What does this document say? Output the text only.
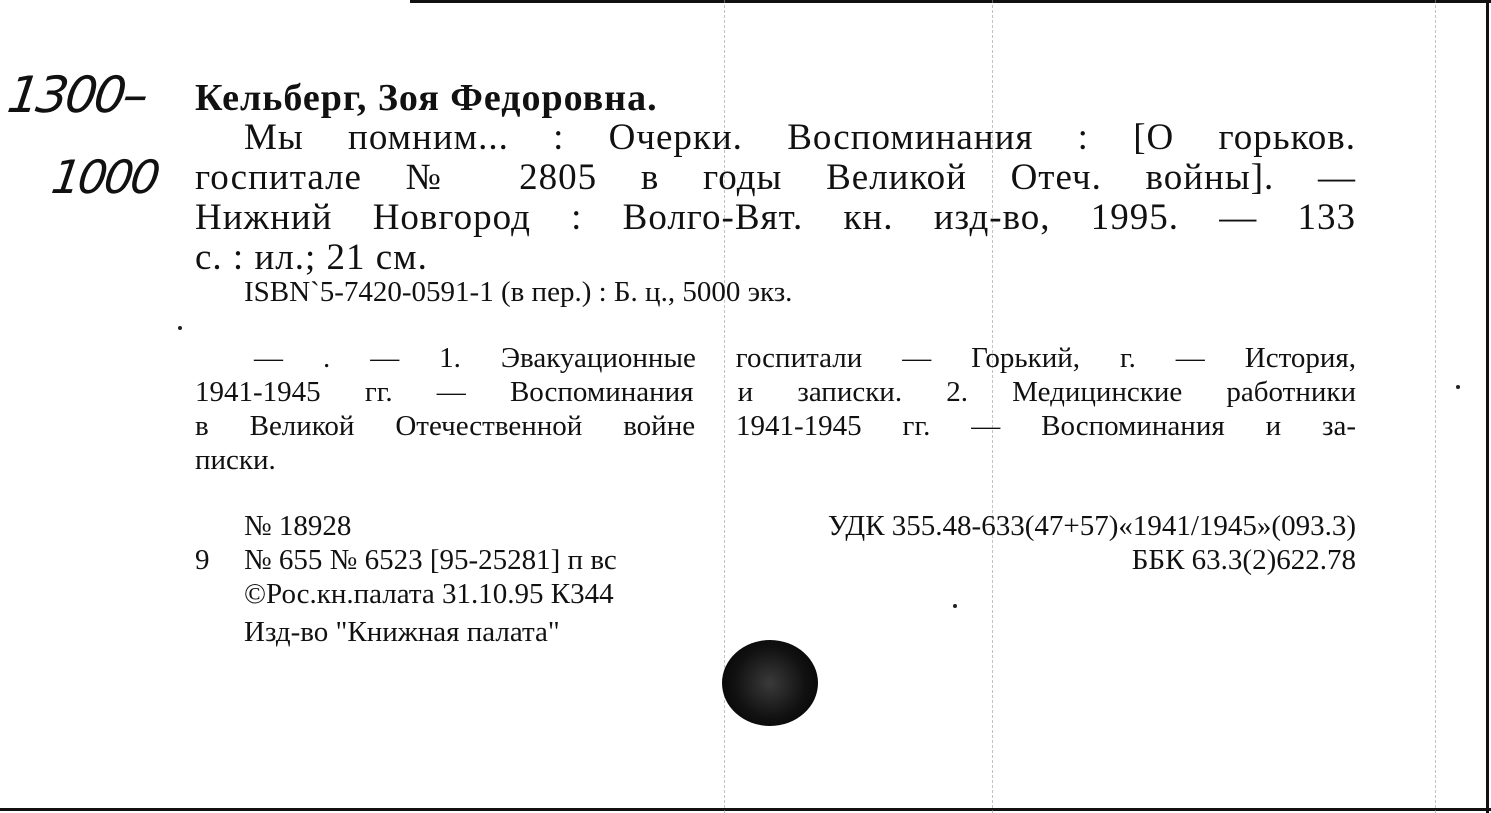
1300–
1000
Кельберг, Зоя Федоровна.
Мы помним... : Очерки. Воспоминания : [О горьков.
госпитале № 2805 в годы Великой Отеч. войны]. —
Нижний Новгород : Волго-Вят. кн. изд-во, 1995. — 133
с. : ил.; 21 см.
ISBN`5-7420-0591-1 (в пер.) : Б. ц., 5000 экз.
— . — 1. Эвакуационные госпитали — Горький, г. — История,
1941-1945 гг. — Воспоминания и записки. 2. Медицинские работники
в Великой Отечественной войне 1941-1945 гг. — Воспоминания и за-
писки.
№ 18928	УДК 355.48-633(47+57)«1941/1945»(093.3)
9 № 655 № 6523 [95-25281] п вс	ББК 63.3(2)622.78
©Рос.кн.палата 31.10.95 К344
Изд-во "Книжная палата"
